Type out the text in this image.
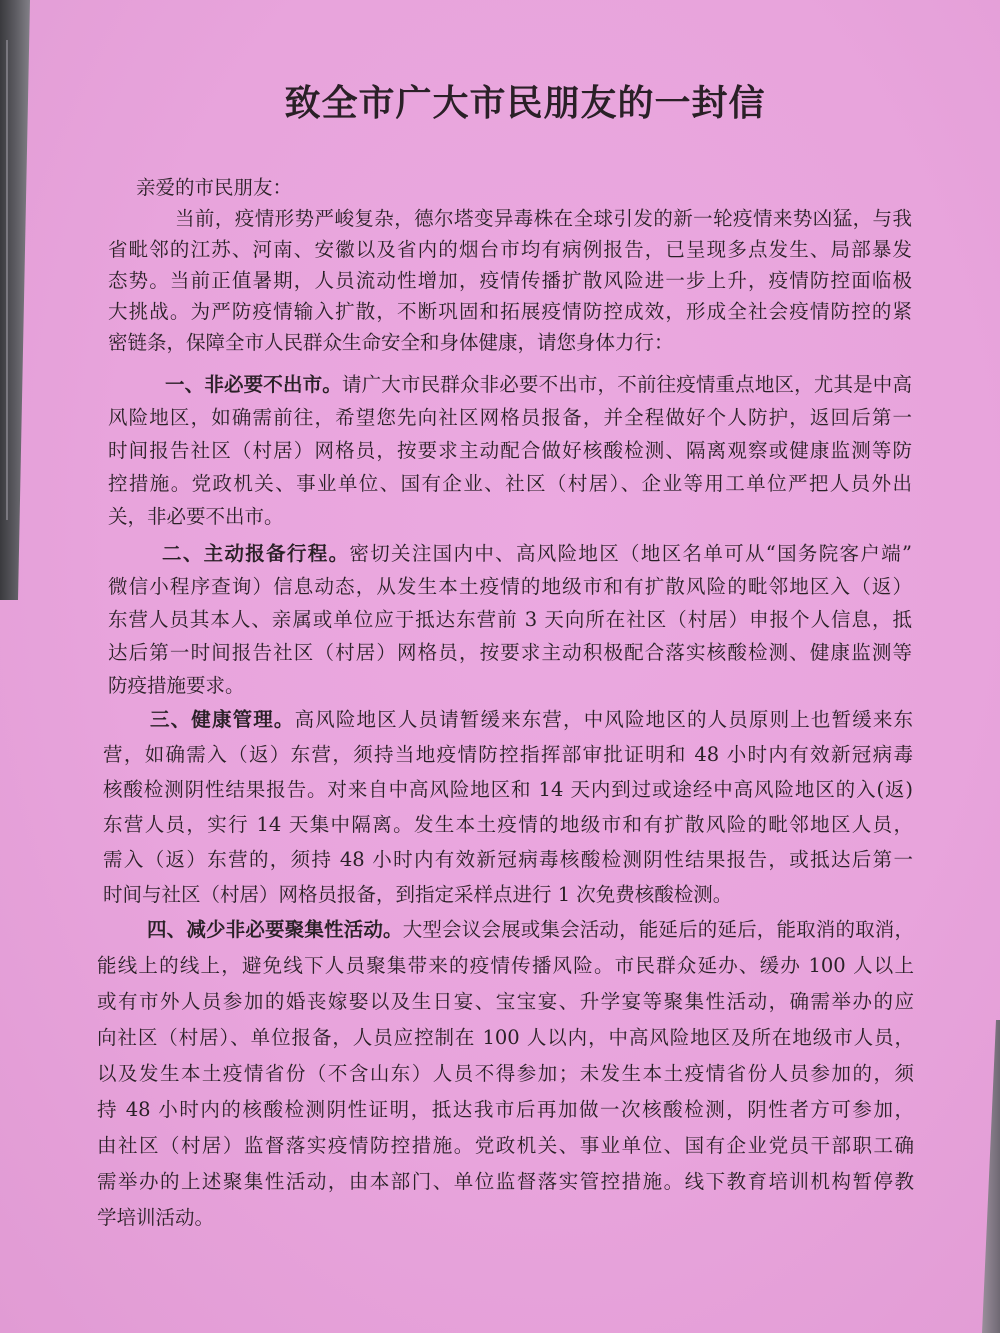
致全市广大市民朋友的一封信
亲爱的市民朋友：
当前，疫情形势严峻复杂，德尔塔变异毒株在全球引发的新一轮疫情来势凶猛，与我
省毗邻的江苏、河南、安徽以及省内的烟台市均有病例报告，已呈现多点发生、局部暴发
态势。当前正值暑期，人员流动性增加，疫情传播扩散风险进一步上升，疫情防控面临极
大挑战。为严防疫情输入扩散，不断巩固和拓展疫情防控成效，形成全社会疫情防控的紧
密链条，保障全市人民群众生命安全和身体健康，请您身体力行：
一、非必要不出市。请广大市民群众非必要不出市，不前往疫情重点地区，尤其是中高
风险地区，如确需前往，希望您先向社区网格员报备，并全程做好个人防护，返回后第一
时间报告社区（村居）网格员，按要求主动配合做好核酸检测、隔离观察或健康监测等防
控措施。党政机关、事业单位、国有企业、社区（村居）、企业等用工单位严把人员外出
关，非必要不出市。
二、主动报备行程。密切关注国内中、高风险地区（地区名单可从“国务院客户端”
微信小程序查询）信息动态，从发生本土疫情的地级市和有扩散风险的毗邻地区入（返）
东营人员其本人、亲属或单位应于抵达东营前 3 天向所在社区（村居）申报个人信息，抵
达后第一时间报告社区（村居）网格员，按要求主动积极配合落实核酸检测、健康监测等
防疫措施要求。
三、健康管理。高风险地区人员请暂缓来东营，中风险地区的人员原则上也暂缓来东
营，如确需入（返）东营，须持当地疫情防控指挥部审批证明和 48 小时内有效新冠病毒
核酸检测阴性结果报告。对来自中高风险地区和 14 天内到过或途经中高风险地区的入(返)
东营人员，实行 14 天集中隔离。发生本土疫情的地级市和有扩散风险的毗邻地区人员，
需入（返）东营的，须持 48 小时内有效新冠病毒核酸检测阴性结果报告，或抵达后第一
时间与社区（村居）网格员报备，到指定采样点进行 1 次免费核酸检测。
四、减少非必要聚集性活动。大型会议会展或集会活动，能延后的延后，能取消的取消，
能线上的线上，避免线下人员聚集带来的疫情传播风险。市民群众延办、缓办 100 人以上
或有市外人员参加的婚丧嫁娶以及生日宴、宝宝宴、升学宴等聚集性活动，确需举办的应
向社区（村居）、单位报备，人员应控制在 100 人以内，中高风险地区及所在地级市人员，
以及发生本土疫情省份（不含山东）人员不得参加；未发生本土疫情省份人员参加的，须
持 48 小时内的核酸检测阴性证明，抵达我市后再加做一次核酸检测，阴性者方可参加，
由社区（村居）监督落实疫情防控措施。党政机关、事业单位、国有企业党员干部职工确
需举办的上述聚集性活动，由本部门、单位监督落实管控措施。线下教育培训机构暂停教
学培训活动。
